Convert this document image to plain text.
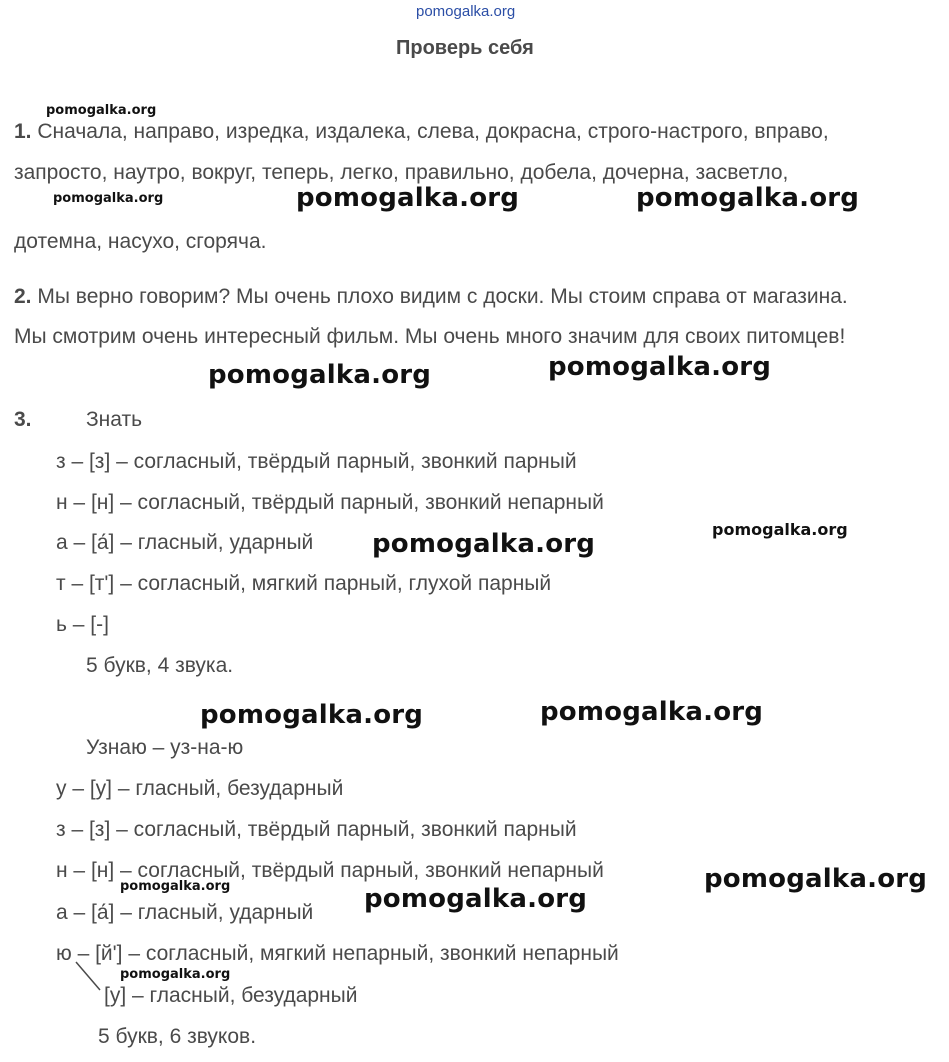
pomogalka.org
Проверь себя
1. Сначала, направо, изредка, издалека, слева, докрасна, строго-настрого, вправо,
запросто, наутро, вокруг, теперь, легко, правильно, добела, дочерна, засветло,
дотемна, насухо, сгоряча.
2. Мы верно говорим? Мы очень плохо видим с доски. Мы стоим справа от магазина.
Мы смотрим очень интересный фильм. Мы очень много значим для своих питомцев!
3.	Знать
з – [з] – согласный, твёрдый парный, звонкий парный
н – [н] – согласный, твёрдый парный, звонкий непарный
а – [а́] – гласный, ударный
т – [т'] – согласный, мягкий парный, глухой парный
ь – [-]
5 букв, 4 звука.
Узнаю – уз-на-ю
у – [у] – гласный, безударный
з – [з] – согласный, твёрдый парный, звонкий парный
н – [н] – согласный, твёрдый парный, звонкий непарный
а – [а́] – гласный, ударный
ю – [й'] – согласный, мягкий непарный, звонкий непарный
[у] – гласный, безударный
5 букв, 6 звуков.
pomogalka.org
pomogalka.org	pomogalka.org	pomogalka.org
pomogalka.org	pomogalka.org
pomogalka.org	pomogalka.org
pomogalka.org	pomogalka.org
pomogalka.org	pomogalka.org
pomogalka.org
pomogalka.org
